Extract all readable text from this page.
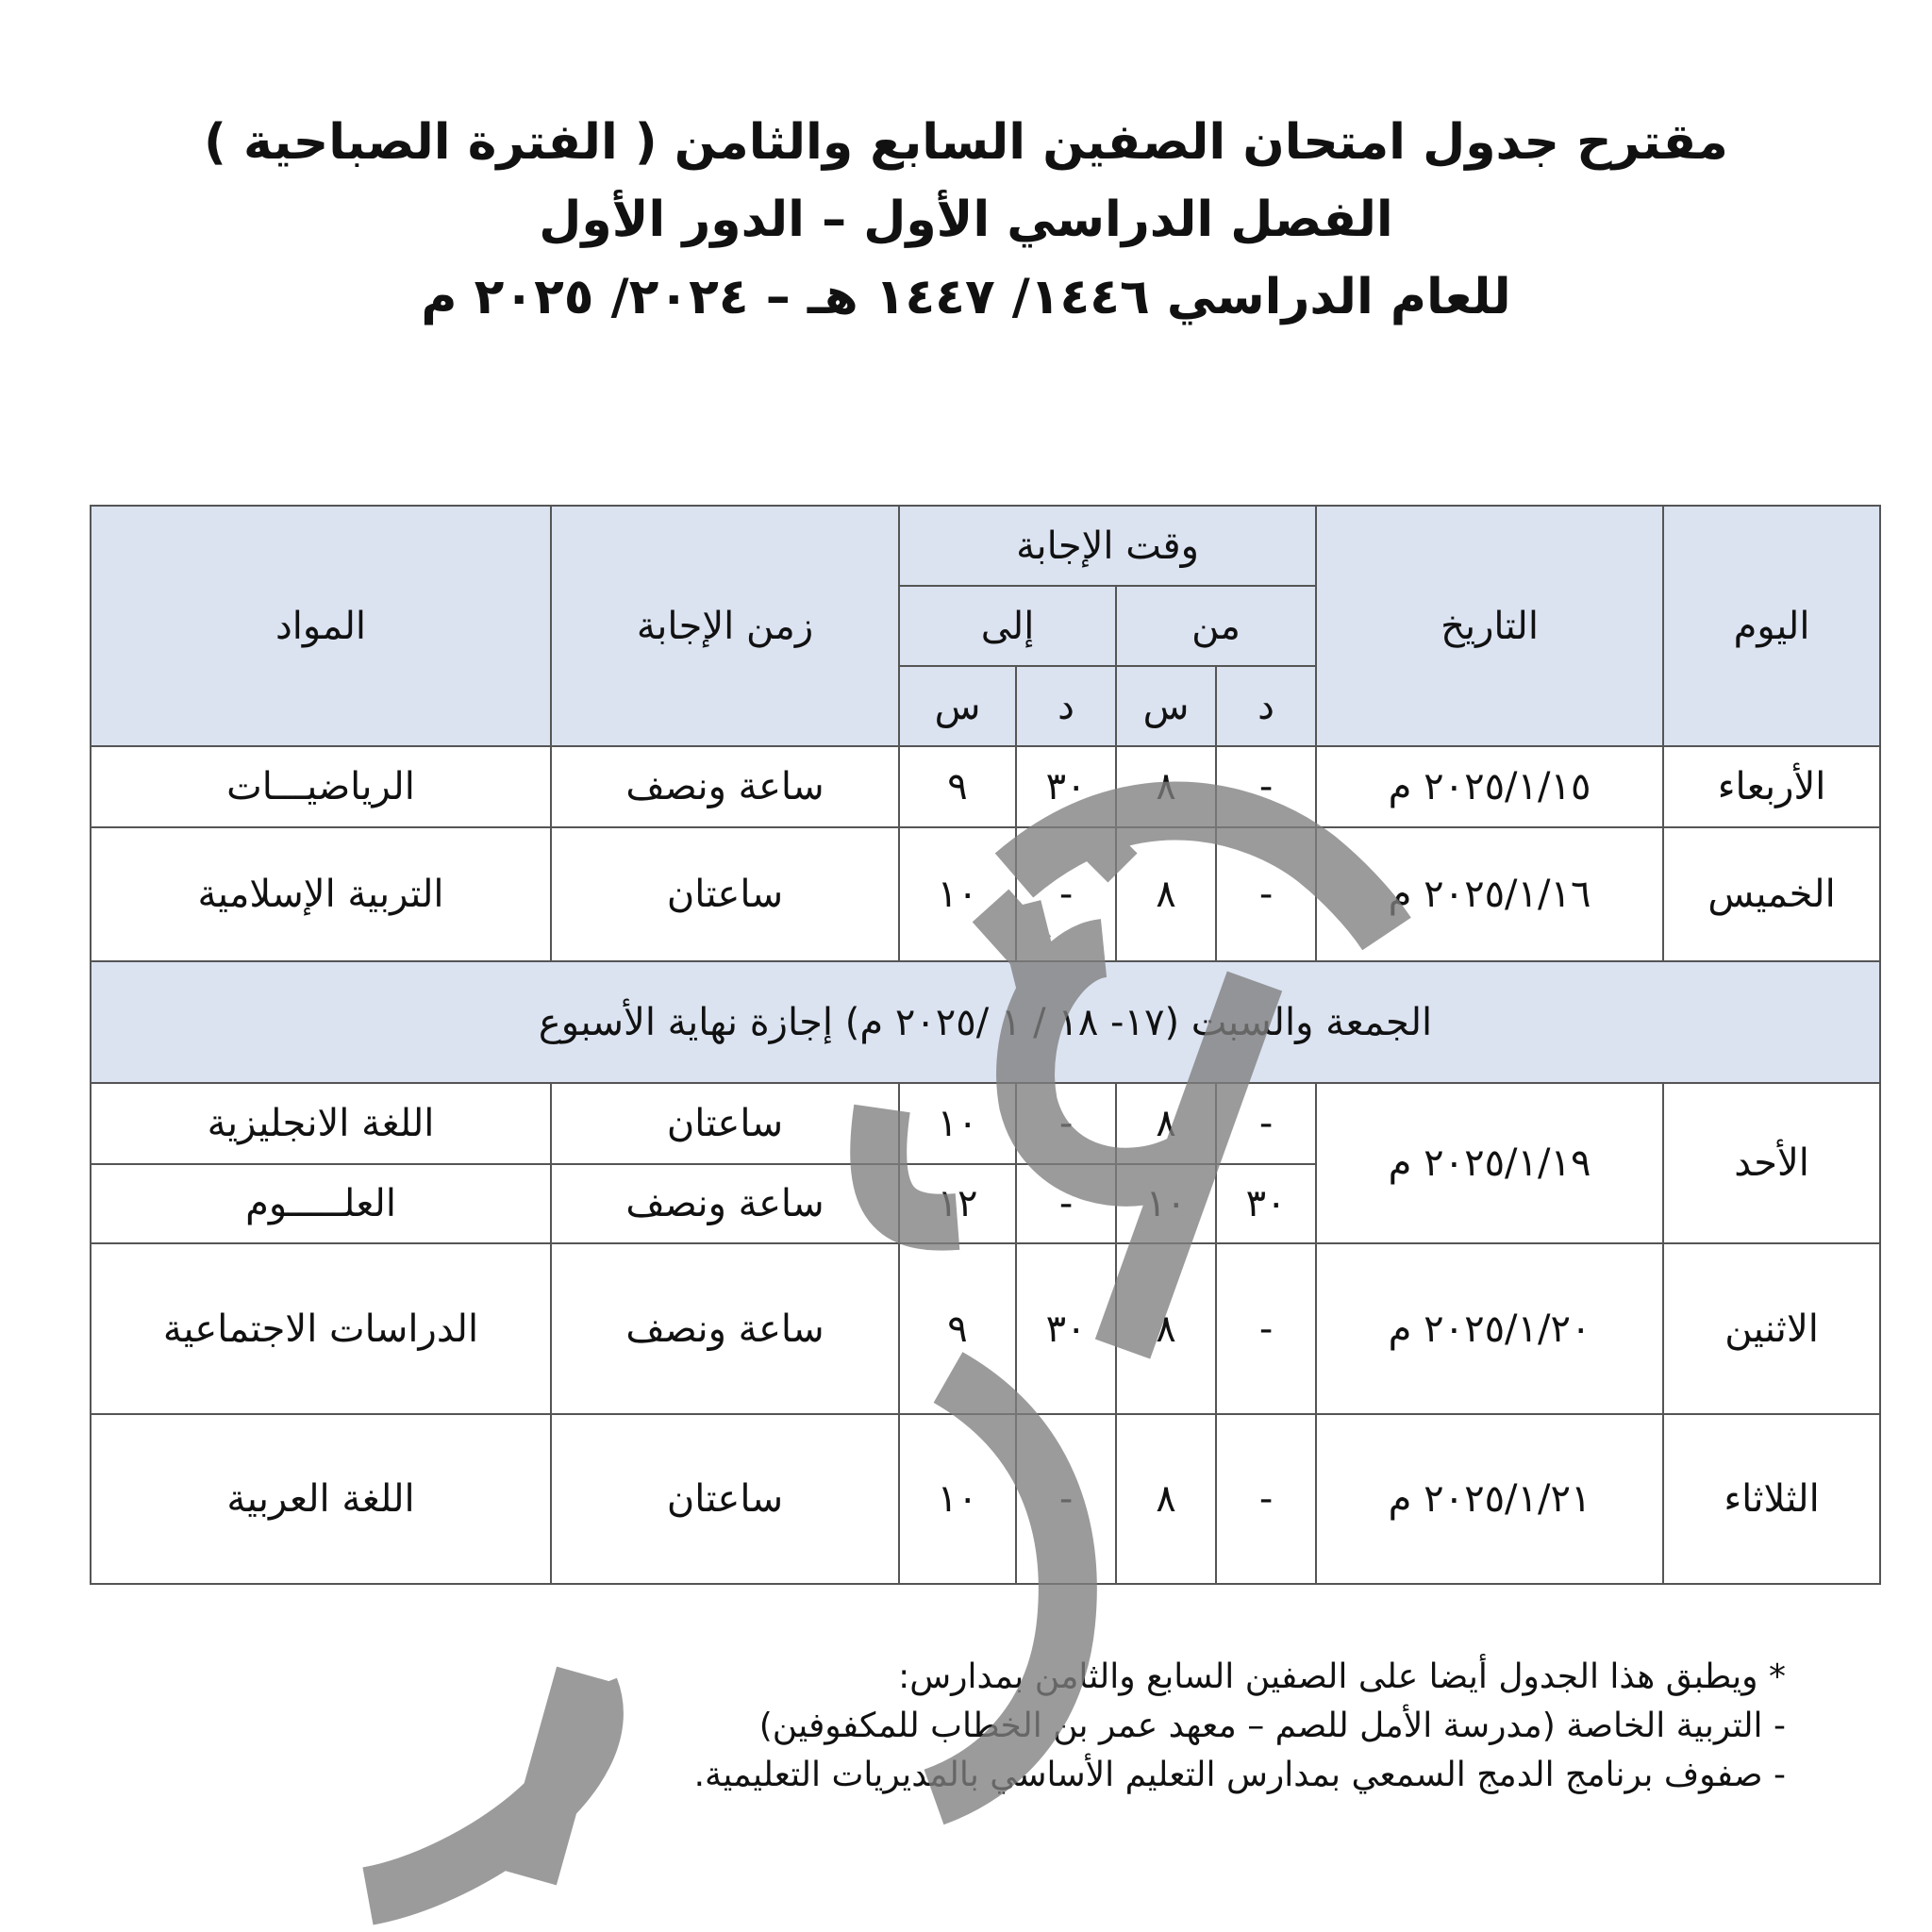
مقترح جدول امتحان الصفين السابع والثامن ( الفترة الصباحية )
الفصل الدراسي الأول – الدور الأول
للعام الدراسي ١٤٤٦/ ١٤٤٧ هـ – ٢٠٢٤/ ٢٠٢٥ م
اليوم	التاريخ	وقت الإجابة				زمن الإجابة	المواد
		من		إلى			
		د	س	د	س		
الأربعاء	٢٠٢٥/١/١٥ م	-	٨	٣٠	٩	ساعة ونصف	الرياضيـــات
الخميس	٢٠٢٥/١/١٦ م	-	٨	-	١٠	ساعتان	التربية الإسلامية
الجمعة والسبت (١٧- ١٨ / ١ /٢٠٢٥ م) إجازة نهاية الأسبوع							
الأحد	٢٠٢٥/١/١٩ م	-	٨	-	١٠	ساعتان	اللغة الانجليزية
		٣٠	١٠	-	١٢	ساعة ونصف	العلـــــوم
الاثنين	٢٠٢٥/١/٢٠ م	-	٨	٣٠	٩	ساعة ونصف	الدراسات الاجتماعية
الثلاثاء	٢٠٢٥/١/٢١ م	-	٨	-	١٠	ساعتان	اللغة العربية
* ويطبق هذا الجدول أيضا على الصفين السابع والثامن بمدارس:
- التربية الخاصة (مدرسة الأمل للصم – معهد عمر بن الخطاب للمكفوفين)
- صفوف برنامج الدمج السمعي بمدارس التعليم الأساسي بالمديريات التعليمية.
